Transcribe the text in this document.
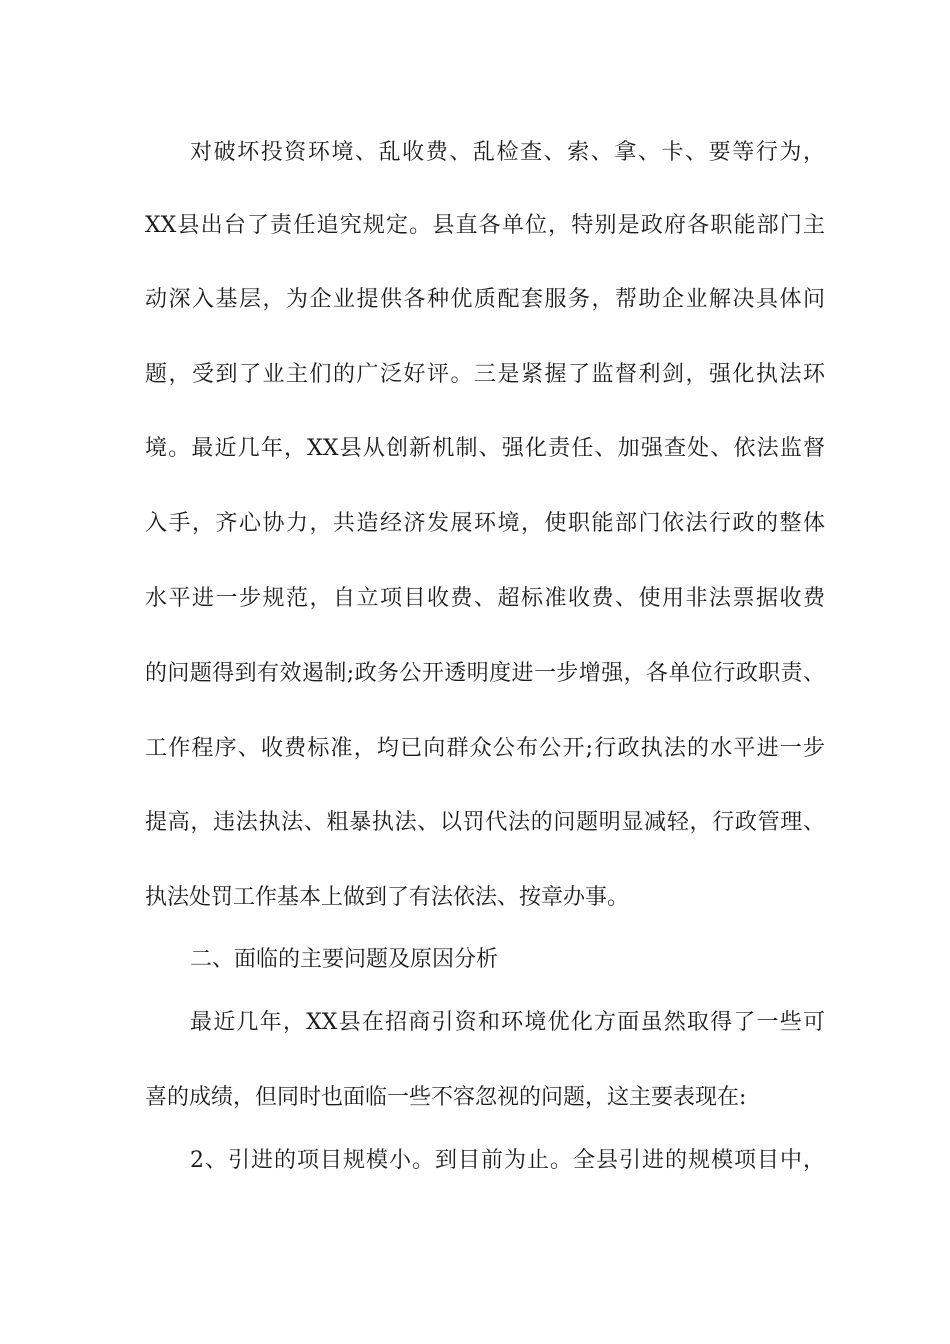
对破坏投资环境、乱收费、乱检查、索、拿、卡、要等行为，
XX县出台了责任追究规定。县直各单位，特别是政府各职能部门主
动深入基层，为企业提供各种优质配套服务，帮助企业解决具体问
题，受到了业主们的广泛好评。三是紧握了监督利剑，强化执法环
境。最近几年，XX县从创新机制、强化责任、加强查处、依法监督
入手，齐心协力，共造经济发展环境，使职能部门依法行政的整体
水平进一步规范，自立项目收费、超标准收费、使用非法票据收费
的问题得到有效遏制;政务公开透明度进一步增强，各单位行政职责、
工作程序、收费标准，均已向群众公布公开;行政执法的水平进一步
提高，违法执法、粗暴执法、以罚代法的问题明显减轻，行政管理、
执法处罚工作基本上做到了有法依法、按章办事。
二、面临的主要问题及原因分析
最近几年，XX县在招商引资和环境优化方面虽然取得了一些可
喜的成绩，但同时也面临一些不容忽视的问题，这主要表现在:
2、引进的项目规模小。到目前为止。全县引进的规模项目中，
